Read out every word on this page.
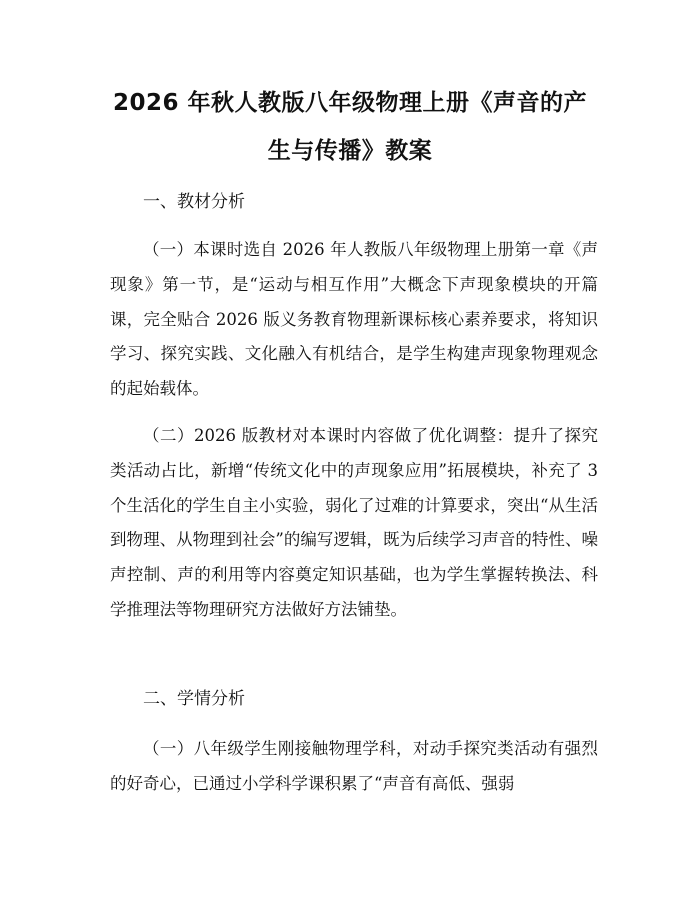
2026 年秋人教版八年级物理上册《声音的产
生与传播》教案
一、教材分析

（一）本课时选自 2026 年人教版八年级物理上册第一章《声现象》第一节，是“运动与相互作用”大概念下声现象模块的开篇课，完全贴合 2026 版义务教育物理新课标核心素养要求，将知识学习、探究实践、文化融入有机结合，是学生构建声现象物理观念的起始载体。

（二）2026 版教材对本课时内容做了优化调整：提升了探究类活动占比，新增“传统文化中的声现象应用”拓展模块，补充了 3 个生活化的学生自主小实验，弱化了过难的计算要求，突出“从生活到物理、从物理到社会”的编写逻辑，既为后续学习声音的特性、噪声控制、声的利用等内容奠定知识基础，也为学生掌握转换法、科学推理法等物理研究方法做好方法铺垫。

二、学情分析

（一）八年级学生刚接触物理学科，对动手探究类活动有强烈的好奇心，已通过小学科学课积累了“声音有高低、强弱
